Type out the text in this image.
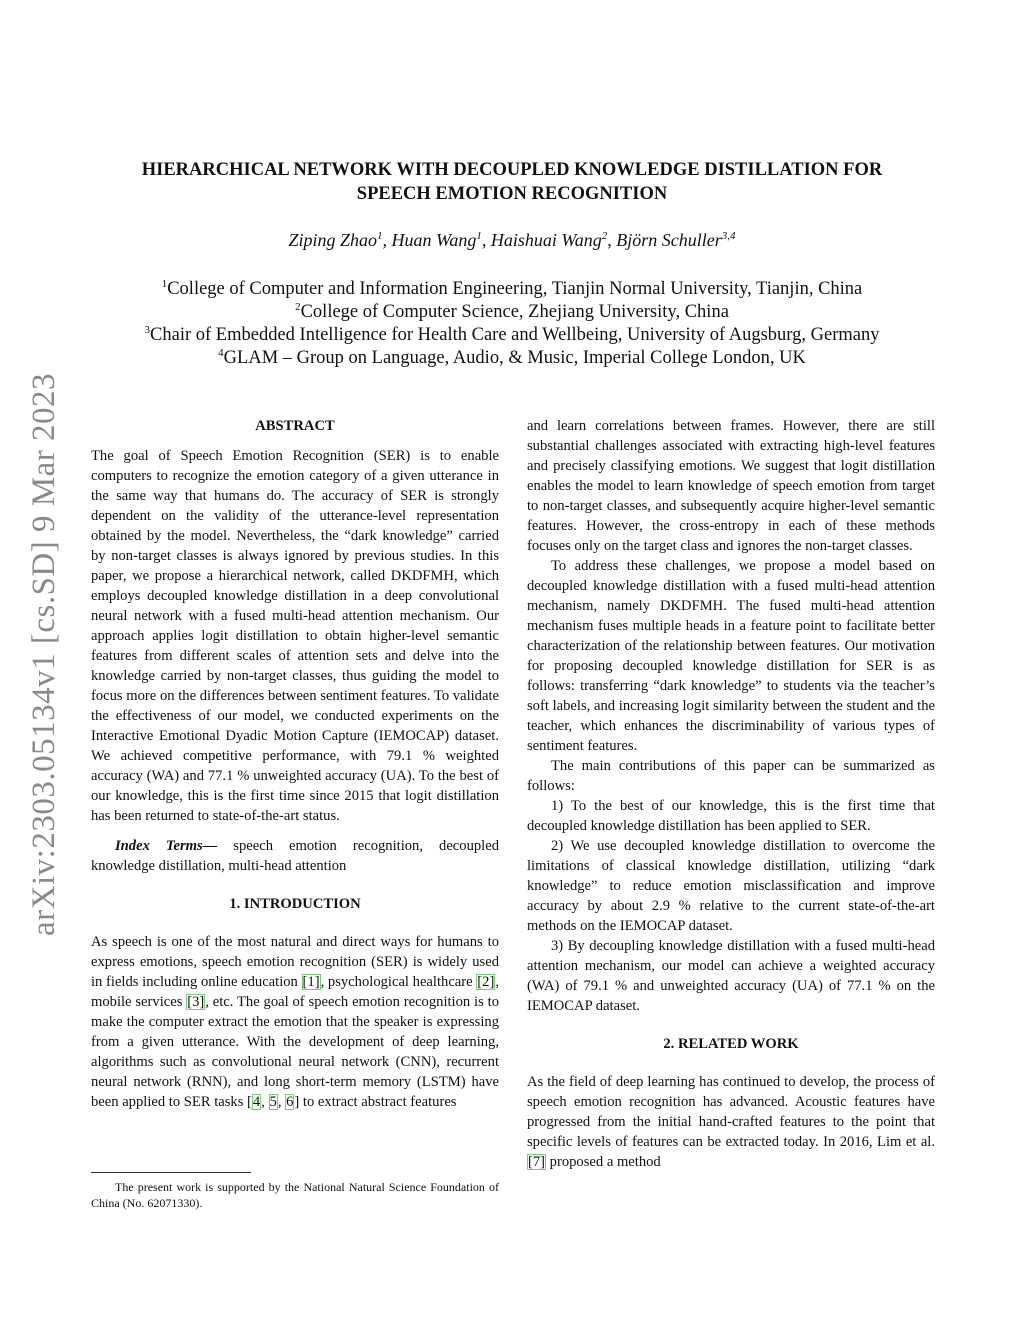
arXiv:2303.05134v1 [cs.SD] 9 Mar 2023
HIERARCHICAL NETWORK WITH DECOUPLED KNOWLEDGE DISTILLATION FOR
SPEECH EMOTION RECOGNITION
Ziping Zhao$^1$, Huan Wang$^1$, Haishuai Wang$^2$, Björn Schuller$^{3,4}$
$^1$College of Computer and Information Engineering, Tianjin Normal University, Tianjin, China
$^2$College of Computer Science, Zhejiang University, China
$^3$Chair of Embedded Intelligence for Health Care and Wellbeing, University of Augsburg, Germany
$^4$GLAM – Group on Language, Audio, & Music, Imperial College London, UK
ABSTRACT

The goal of Speech Emotion Recognition (SER) is to enable computers to recognize the emotion category of a given utterance in the same way that humans do. The accuracy of SER is strongly dependent on the validity of the utterance-level representation obtained by the model. Nevertheless, the “dark knowledge” carried by non-target classes is always ignored by previous studies. In this paper, we propose a hierarchical network, called DKDFMH, which employs decoupled knowledge distillation in a deep convolutional neural network with a fused multi-head attention mechanism. Our approach applies logit distillation to obtain higher-level semantic features from different scales of attention sets and delve into the knowledge carried by non-target classes, thus guiding the model to focus more on the differences between sentiment features. To validate the effectiveness of our model, we conducted experiments on the Interactive Emotional Dyadic Motion Capture (IEMOCAP) dataset. We achieved competitive performance, with 79.1 % weighted accuracy (WA) and 77.1 % unweighted accuracy (UA). To the best of our knowledge, this is the first time since 2015 that logit distillation has been returned to state-of-the-art status.

Index Terms— speech emotion recognition, decoupled knowledge distillation, multi-head attention

1. INTRODUCTION

As speech is one of the most natural and direct ways for humans to express emotions, speech emotion recognition (SER) is widely used in fields including online education [1], psychological healthcare [2], mobile services [3], etc. The goal of speech emotion recognition is to make the computer extract the emotion that the speaker is expressing from a given utterance. With the development of deep learning, algorithms such as convolutional neural network (CNN), recurrent neural network (RNN), and long short-term memory (LSTM) have been applied to SER tasks [4, 5, 6] to extract abstract features

The present work is supported by the National Natural Science Foundation of China (No. 62071330).

and learn correlations between frames. However, there are still substantial challenges associated with extracting high-level features and precisely classifying emotions. We suggest that logit distillation enables the model to learn knowledge of speech emotion from target to non-target classes, and subsequently acquire higher-level semantic features. However, the cross-entropy in each of these methods focuses only on the target class and ignores the non-target classes.

To address these challenges, we propose a model based on decoupled knowledge distillation with a fused multi-head attention mechanism, namely DKDFMH. The fused multi-head attention mechanism fuses multiple heads in a feature point to facilitate better characterization of the relationship between features. Our motivation for proposing decoupled knowledge distillation for SER is as follows: transferring “dark knowledge” to students via the teacher’s soft labels, and increasing logit similarity between the student and the teacher, which enhances the discriminability of various types of sentiment features.

The main contributions of this paper can be summarized as follows:

1) To the best of our knowledge, this is the first time that decoupled knowledge distillation has been applied to SER.

2) We use decoupled knowledge distillation to overcome the limitations of classical knowledge distillation, utilizing “dark knowledge” to reduce emotion misclassification and improve accuracy by about 2.9 % relative to the current state-of-the-art methods on the IEMOCAP dataset.

3) By decoupling knowledge distillation with a fused multi-head attention mechanism, our model can achieve a weighted accuracy (WA) of 79.1 % and unweighted accuracy (UA) of 77.1 % on the IEMOCAP dataset.

2. RELATED WORK

As the field of deep learning has continued to develop, the process of speech emotion recognition has advanced. Acoustic features have progressed from the initial hand-crafted features to the point that specific levels of features can be extracted today. In 2016, Lim et al. [7] proposed a method
